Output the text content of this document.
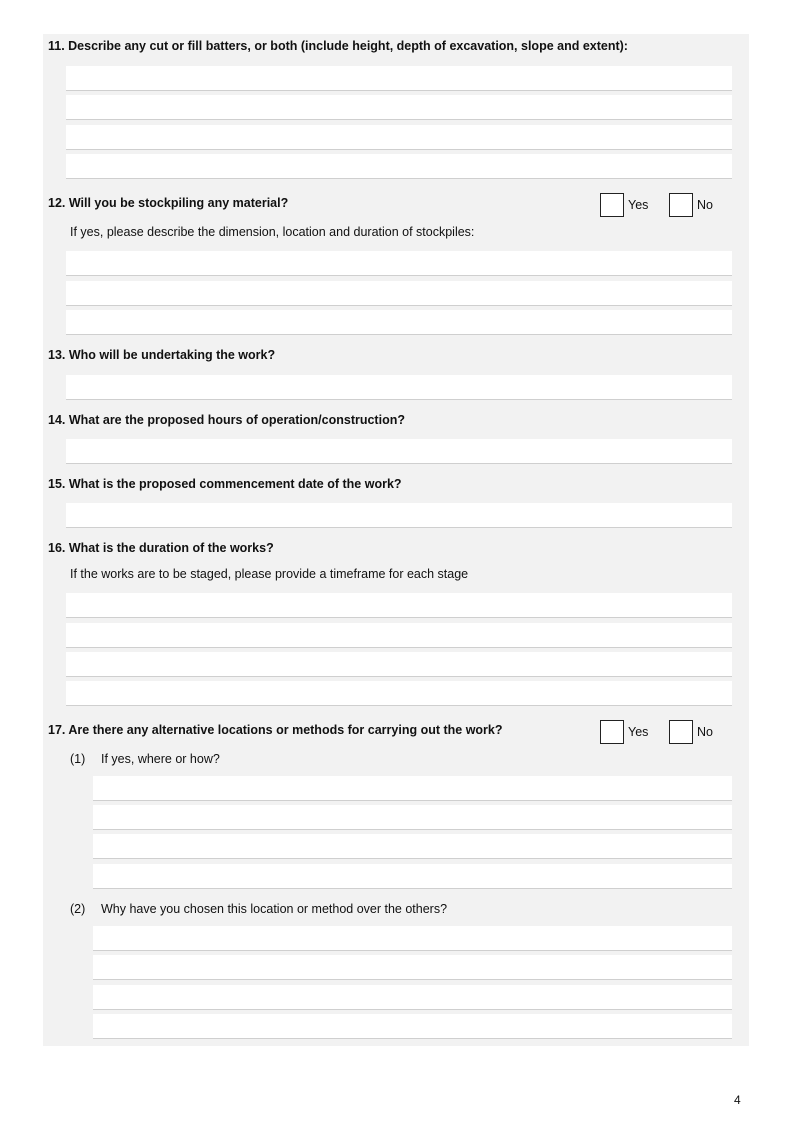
11. Describe any cut or fill batters, or both (include height, depth of excavation, slope and extent):
12. Will you be stockpiling any material?	Yes	No
If yes, please describe the dimension, location and duration of stockpiles:
13. Who will be undertaking the work?
14. What are the proposed hours of operation/construction?
15. What is the proposed commencement date of the work?
16. What is the duration of the works?
If the works are to be staged, please provide a timeframe for each stage
17. Are there any alternative locations or methods for carrying out the work?	Yes	No
(1) If yes, where or how?
(2) Why have you chosen this location or method over the others?
4
